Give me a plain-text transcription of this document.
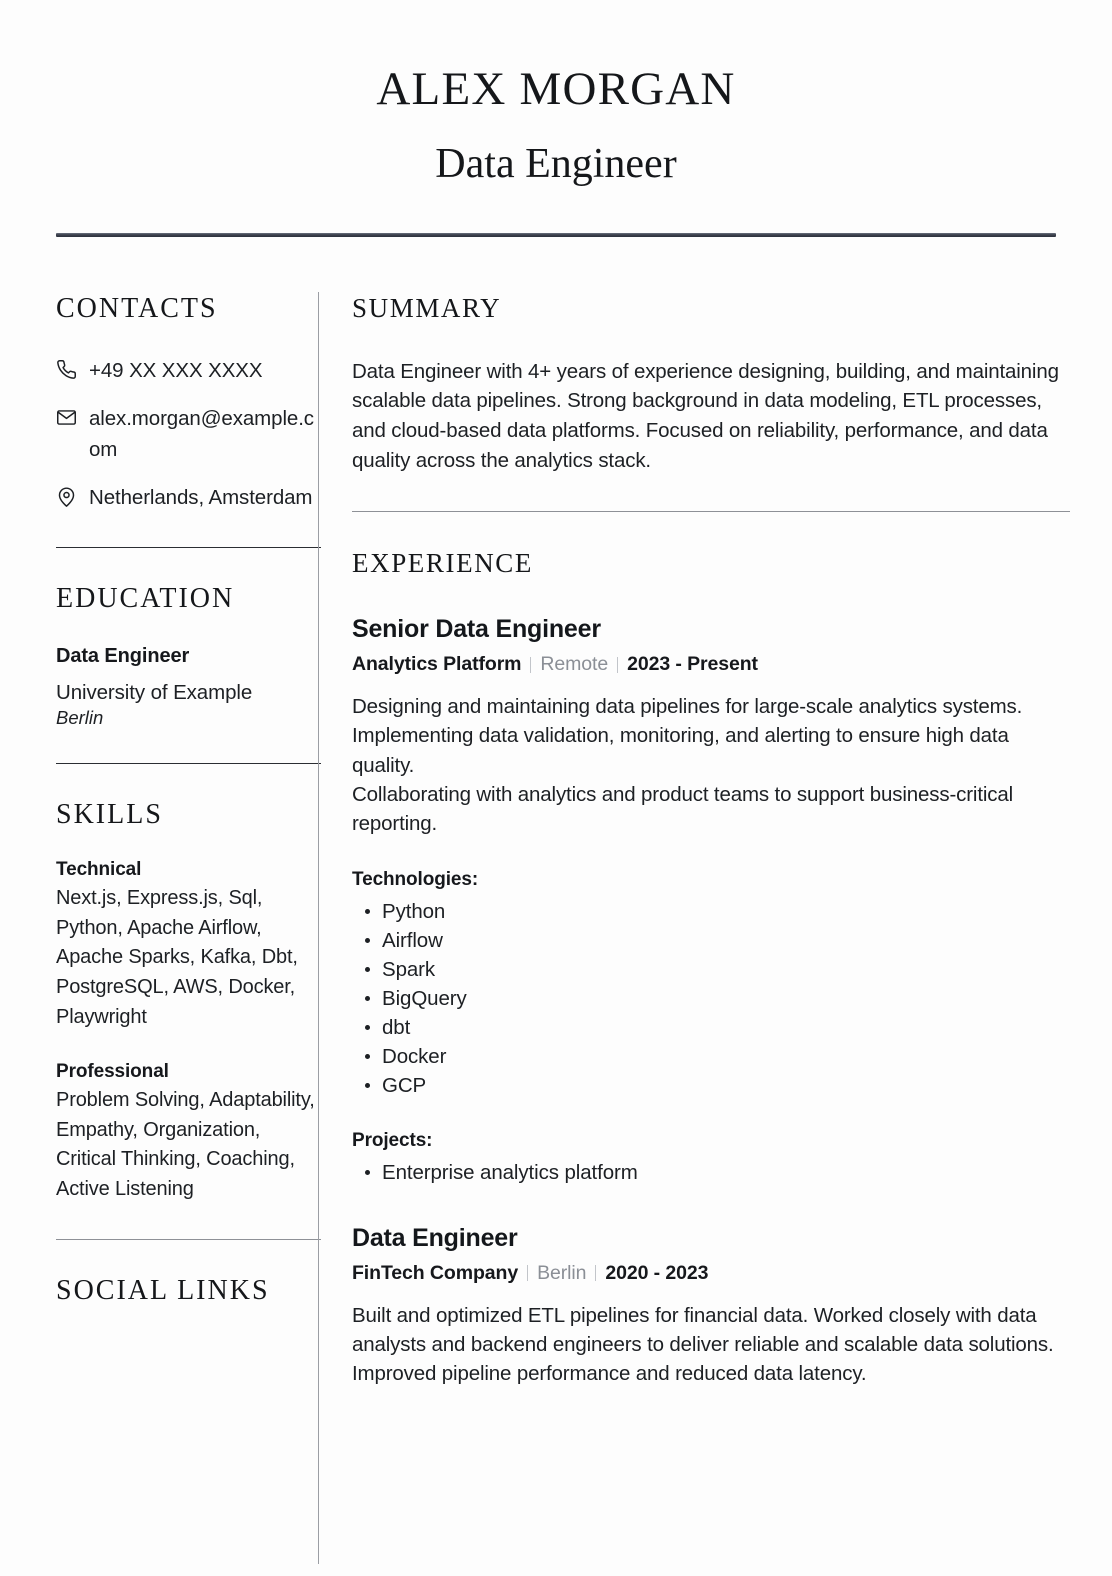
ALEX MORGAN
Data Engineer
CONTACTS
+49 XX XXX XXXX
alex.morgan@example.com
Netherlands, Amsterdam
EDUCATION
Data Engineer
University of Example
Berlin
SKILLS
Technical
Next.js, Express.js, Sql, Python, Apache Airflow, Apache Sparks, Kafka, Dbt, PostgreSQL, AWS, Docker, Playwright
Professional
Problem Solving, Adaptability, Empathy, Organization, Critical Thinking, Coaching, Active Listening
SOCIAL LINKS
SUMMARY
Data Engineer with 4+ years of experience designing, building, and maintaining scalable data pipelines. Strong background in data modeling, ETL processes, and cloud-based data platforms. Focused on reliability, performance, and data quality across the analytics stack.
EXPERIENCE
Senior Data Engineer
Analytics Platform Remote 2023 - Present
Designing and maintaining data pipelines for large-scale analytics systems. Implementing data validation, monitoring, and alerting to ensure high data quality.
Collaborating with analytics and product teams to support business-critical reporting.
Technologies:
Python
Airflow
Spark
BigQuery
dbt
Docker
GCP
Projects:
Enterprise analytics platform
Data Engineer
FinTech Company Berlin 2020 - 2023
Built and optimized ETL pipelines for financial data. Worked closely with data analysts and backend engineers to deliver reliable and scalable data solutions. Improved pipeline performance and reduced data latency.
